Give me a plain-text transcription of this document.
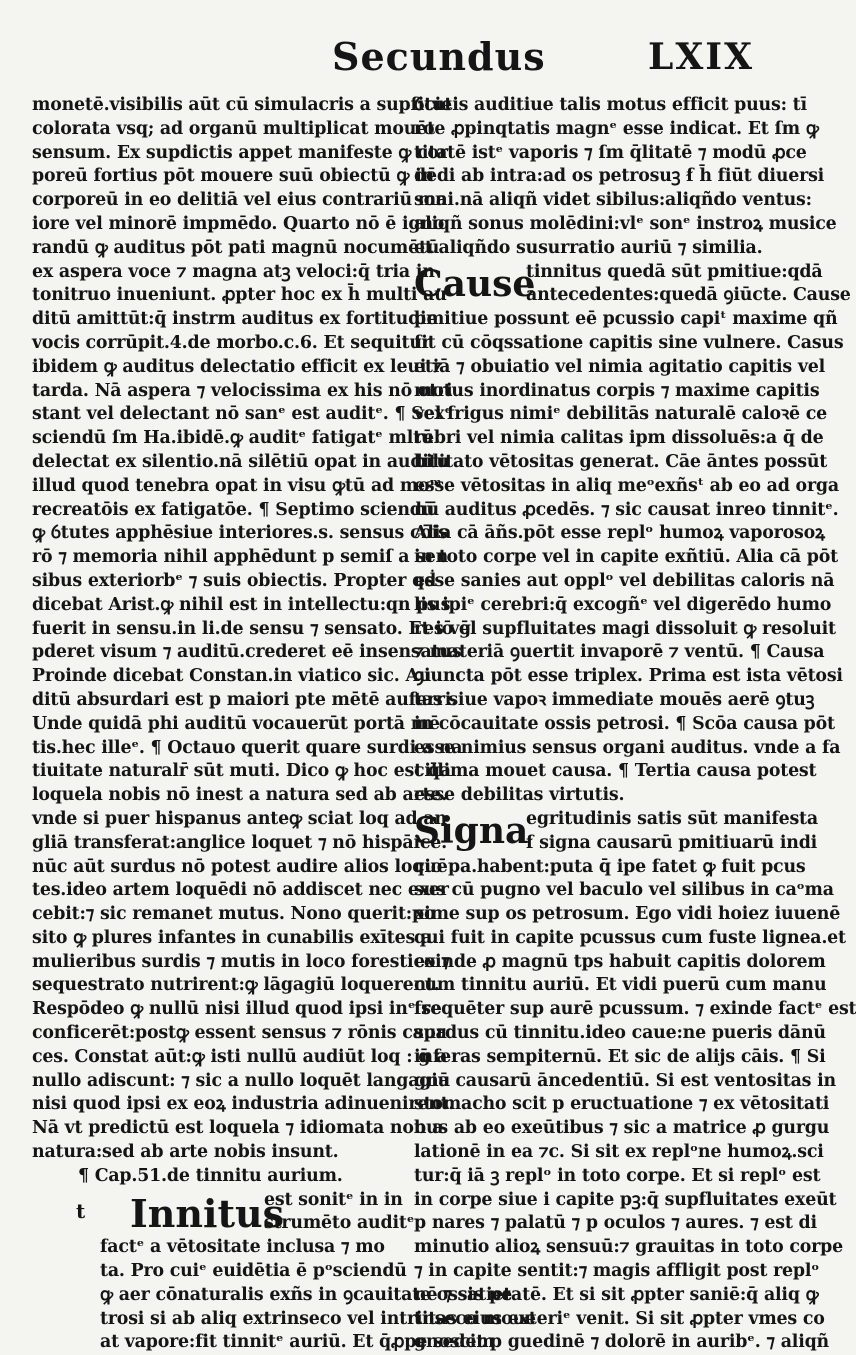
Secundus	LXIX
monetē.visibilis aūt cū simulacris a supficie
colorata vsq; ad organū multiplicat mouēt
sensum. Ex supdictis appet manifeste ꝙ cor
poreū fortius pōt mouere suū obiectū ꝙ in
corporeū in eo delitiā vel eius contrariū ma
iore vel minorē impmēdo. Quarto nō ē igno
randū ꝙ auditus pōt pati magnū nocumētū
ex aspera voce ⁊ magna atꝫ veloci:q̄ tria in
tonitruo inueniunt. ꝓpter hoc ex h̄ multi au
ditū amittūt:q̄ instrm auditus ex fortitudie
vocis corrūpit.4.de morbo.c.6. Et sequitur
ibidem ꝙ auditus delectatio efficit ex leui ⁊
tarda. Nā aspera ⁊ velocissima ex his nō otri
stant vel delectant nō sanᵉ est auditᵉ. ¶ Sexᵒ
sciendū ſm Ha.ibidē.ꝙ auditᵉ fatigatᵉ mltū
delectat ex silentio.nā silētiū opat in auditu
illud quod tenebra opat in visu ꝙtū ad moᵐ
recreatōis ex fatigatōe. ¶ Septimo sciendū
ꝙ ỽtutes apphēsiue interiores.s. sensus cōis
rō ⁊ memoria nihil apphēdunt p semiſ a sen
sibus exteriorbᵉ ⁊ suis obiectis. Propter qḋ
dicebat Arist.ꝙ nihil est in intellectu:qn pus
fuerit in sensu.in li.de sensu ⁊ sensato. Et iō ḡ
pderet visum ⁊ auditū.crederet eē insensatus
Proinde dicebat Constan.in viatico sic. Au
ditū absurdari est p maiori pte mētē auferri.
Unde quidā phi auditū vocauerūt portā mē
tis.hec illeᵉ. ¶ Octauo querit quare surdi a na
tiuitate naturalr̄ sūt muti. Dico ꝙ hoc est q̄a
loquela nobis nō inest a natura sed ab arte.
vnde si puer hispanus anteꝙ sciat loq ad an
gliā transferat:anglice loquet ⁊ nō hispāice.
nūc aūt surdus nō potest audire alios loquē
tes.ideo artem loquēdi nō addiscet nec exer
cebit:⁊ sic remanet mutus. Nono querit:po
sito ꝙ plures infantes in cunabilis exītes a
mulieribus surdis ⁊ mutis in loco forestico ⁊
sequestrato nutrirent:ꝙ lāgagiū loquerent.
Respōdeo ꝙ nullū nisi illud quod ipsi inᵉ se
conficerēt:postꝙ essent sensus ⁊ rōnis capa
ces. Constat aūt:ꝙ isti nullū audiūt loq : ḡ a
nullo adiscunt: ⁊ sic a nullo loquēt langagiū
nisi quod ipsi ex eoꝝ industria adinuenirent.
Nā vt predictū est loquela ⁊ idiomata non a
natura:sed ab arte nobis insunt.
¶ Cap.51.de tinnitu aurium.
t Innitus
est sonitᵉ in in
strumēto auditᵉ
factᵉ a vētositate inclusa ⁊ mo
ta. Pro cuiᵉ euidētia ē pᵒsciendū
ꝙ aer cōnaturalis exñs in ꝯcauitate ossis pe
trosi si ab aliq extrinseco vel intrinseco moue
at vapore:fit tinnitᵉ auriū. Et q̄ꝓpe sedem
ỽtutis auditiue talis motus efficit puus: tī
roe ꝓpinqtatis magnᵉ esse indicat. Et ſm ꝙ
titatē istᵉ vaporis ⁊ ſm q̄litatē ⁊ modū ꝓce
dēdi ab intra:ad os petrosuꝫ ẜ h̄ fiūt diuersi
soni.nā aliqñ videt sibilus:aliqñdo ventus:
aliqñ sonus molēdini:vlᵉ sonᵉ instroꝝ musice
et aliqñdo susurratio auriū ⁊ similia.
Cause
tinnitus quedā sūt pmitiue:qdā
āntecedentes:quedā ꝯiūcte. Cause
pmitiue possunt eē pcussio capiᵗ maxime qñ
fit cū cōqssatione capitis sine vulnere. Casus
etiā ⁊ obuiatio vel nimia agitatio capitis vel
motus inordinatus corpis ⁊ maxime capitis
vel frigus nimiᵉ debilitās naturalē caloꝛē ce
rebri vel nimia calitas ipm dissoluēs:a q̄ de
bilitato vētositas generat. Cāe āntes possūt
esse vētositas in aliq meᵒexñsᵗ ab eo ad orga
nū auditus ꝓcedēs. ⁊ sic causat inreo tinnitᵉ.
Alia cā āñs.pōt esse replᵒ humoꝝ vaporosoꝝ
in toto corpe vel in capite exñtiū. Alia cā pōt
esse sanies aut opplᵒ vel debilitas caloris nā
lis ipiᵉ cerebri:q̄ excogñᵉ vel digerēdo humo
res vel supfluitates magi dissoluit ꝙ resoluit
⁊ materiā ꝯuertit invaporē ⁊ ventū. ¶ Causa
ꝯiuncta pōt esse triplex. Prima est ista vētosi
tas siue vapoꝛ immediate mouēs aerē ꝯtuꝫ
in cōcauitate ossis petrosi. ¶ Scōa causa pōt
esse nimius sensus organi auditus. vnde a fa
cillima mouet causa. ¶ Tertia causa potest
esse debilitas virtutis.
Signa
egritudinis satis sūt manifesta
ẜ signa causarū pmitiuarū indi
cio pa.habent:puta q̄ ipe fatet ꝙ fuit pcus
sus cū pugno vel baculo vel silibus in caᵒma
xime sup os petrosum. Ego vidi hoiez iuuenē
qui fuit in capite pcussus cum fuste lignea.et
exinde ꝓ magnū tps habuit capitis dolorem
cum tinnitu auriū. Et vidi puerū cum manu
frequēter sup aurē pcussum. ⁊ exinde factᵉ est
surdus cū tinnitu.ideo caue:ne pueris dānū
inferas sempiternū. Et sic de alijs cāis. ¶ Si
gna causarū āncedentiū. Si est ventositas in
stomacho scit p eructuatione ⁊ ex vētositati
bus ab eo exeūtibus ⁊ sic a matrice ꝓ gurgu
lationē in ea ⁊c. Si sit ex replᵒne humoꝝ.sci
tur:q̄ iā ꝫ replᵒ in toto corpe. Et si replᵒ est
in corpe siue i capite pꝫ:q̄ supfluitates exeūt
p nares ⁊ palatū ⁊ p oculos ⁊ aures. ⁊ est di
minutio alioꝝ sensuū:⁊ grauitas in toto corpe
⁊ in capite sentit:⁊ magis affligit post replᵒ
nē ⁊ satietatē. Et si sit ꝓpter saniē:q̄ aliq ꝙ
titas eius exteriᵉ venit. Si sit ꝓpter vmes co
gnoscit p guedinē ⁊ dolorē in auribᵉ. ⁊ aliqñ
